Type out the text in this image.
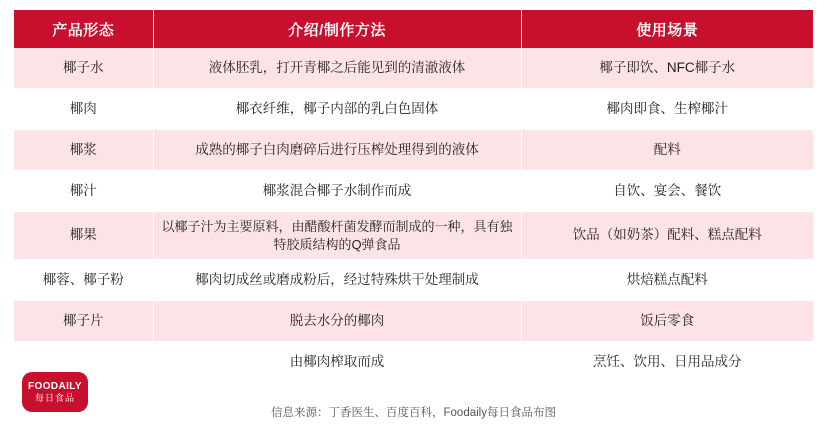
产品形态	介绍/制作方法	使用场景
椰子水	液体胚乳，打开青椰之后能见到的清澈液体	椰子即饮、NFC椰子水
椰肉	椰衣纤维，椰子内部的乳白色固体	椰肉即食、生榨椰汁
椰浆	成熟的椰子白肉磨碎后进行压榨处理得到的液体	配料
椰汁	椰浆混合椰子水制作而成	自饮、宴会、餐饮
椰果	以椰子汁为主要原料，由醋酸杆菌发酵而制成的一种，具有独特胶质结构的Q弹食品	饮品（如奶茶）配料、糕点配料
椰蓉、椰子粉	椰肉切成丝或磨成粉后，经过特殊烘干处理制成	烘焙糕点配料
椰子片	脱去水分的椰肉	饭后零食
	由椰肉榨取而成	烹饪、饮用、日用品成分
信息来源：丁香医生、百度百科，Foodaily每日食品布图		
FOODAILY
每日食品
